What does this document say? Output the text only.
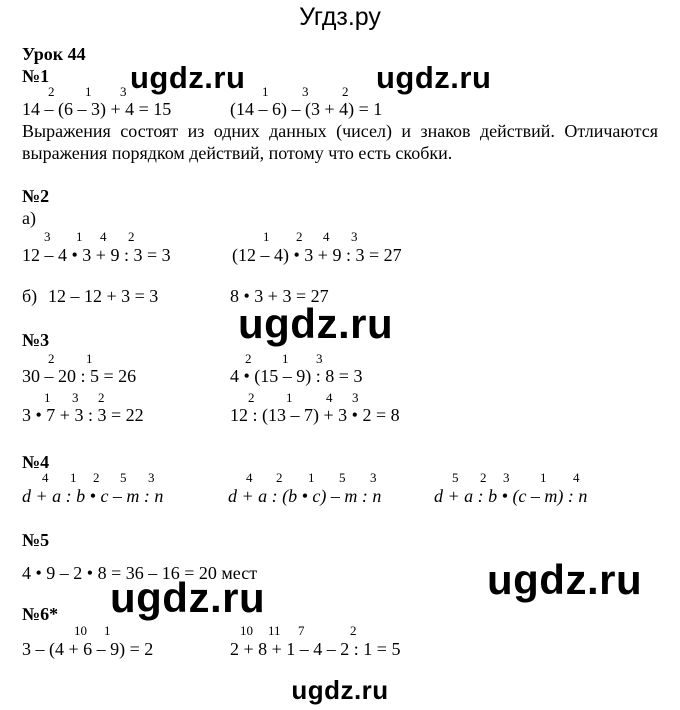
Угдз.ру
ugdz.ru	ugdz.ru
ugdz.ru
ugdz.ru
ugdz.ru
ugdz.ru
Урок 44
№1
2 1 3
14 – (6 – 3) + 4 = 15
1	3	2
(14 – 6) – (3 + 4) = 1
Выражения состоят из одних данных (чисел) и знаков действий. Отличаются
выражения порядком действий, потому что есть скобки.
№2
а)
3 1 4 2
12 – 4 • 3 + 9 : 3 = 3
1 2 4 3
(12 – 4) • 3 + 9 : 3 = 27
б) 12 – 12 + 3 = 3	8 • 3 + 3 = 27
№3
2 1
30 – 20 : 5 = 26
2 1 3
4 • (15 – 9) : 8 = 3
1 3 2
3 • 7 + 3 : 3 = 22
2 1	4 3
12 : (13 – 7) + 3 • 2 = 8
№4
4 1 2 5 3
d + a : b • c – m : n
4 2 1 5 3
d + a : (b • c) – m : n
5 2 3 1 4
d + a : b • (c – m) : n
№5
4 • 9 – 2 • 8 = 36 – 16 = 20 мест
№6*
10 1
3 – (4 + 6 – 9) = 2
10 11 7	2
2 + 8 + 1 – 4 – 2 : 1 = 5
